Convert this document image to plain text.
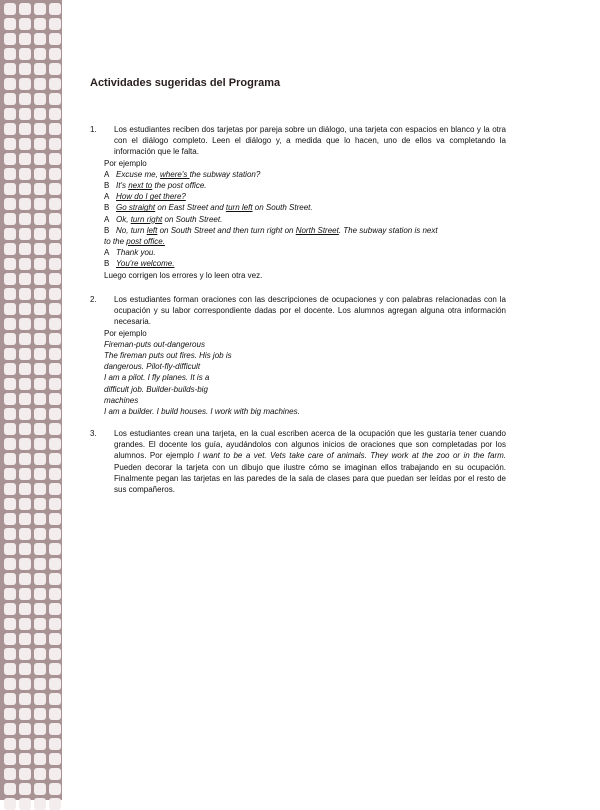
Actividades sugeridas del Programa
1.	Los estudiantes reciben dos tarjetas por pareja sobre un diálogo, una tarjeta con espacios en blanco y la otra con el diálogo completo. Leen el diálogo y, a medida que lo hacen, uno de ellos va completando la información que le falta.
Por ejemplo
A Excuse me, where's the subway station?
B It's next to the post office.
A How do I get there?
B Go straight on East Street and turn left on South Street.
A Ok, turn right on South Street.
B No, turn left on South Street and then turn right on North Street. The subway station is next
to the post office.
A Thank you.
B You're welcome.
Luego corrigen los errores y lo leen otra vez.
2.	Los estudiantes forman oraciones con las descripciones de ocupaciones y con palabras relacionadas con la ocupación y su labor correspondiente dadas por el docente. Los alumnos agregan alguna otra información necesaria.
Por ejemplo
Fireman-puts out-dangerous
The fireman puts out fires. His job is
dangerous. Pilot-fly-difficult
I am a pilot. I fly planes. It is a
difficult job. Builder-builds-big
machines
I am a builder. I build houses. I work with big machines.
3.	Los estudiantes crean una tarjeta, en la cual escriben acerca de la ocupación que les gustaría tener cuando grandes. El docente los guía, ayudándolos con algunos inicios de oraciones que son completadas por los alumnos. Por ejemplo I want to be a vet. Vets take care of animals. They work at the zoo or in the farm. Pueden decorar la tarjeta con un dibujo que ilustre cómo se imaginan ellos trabajando en su ocupación. Finalmente pegan las tarjetas en las paredes de la sala de clases para que puedan ser leídas por el resto de sus compañeros.
